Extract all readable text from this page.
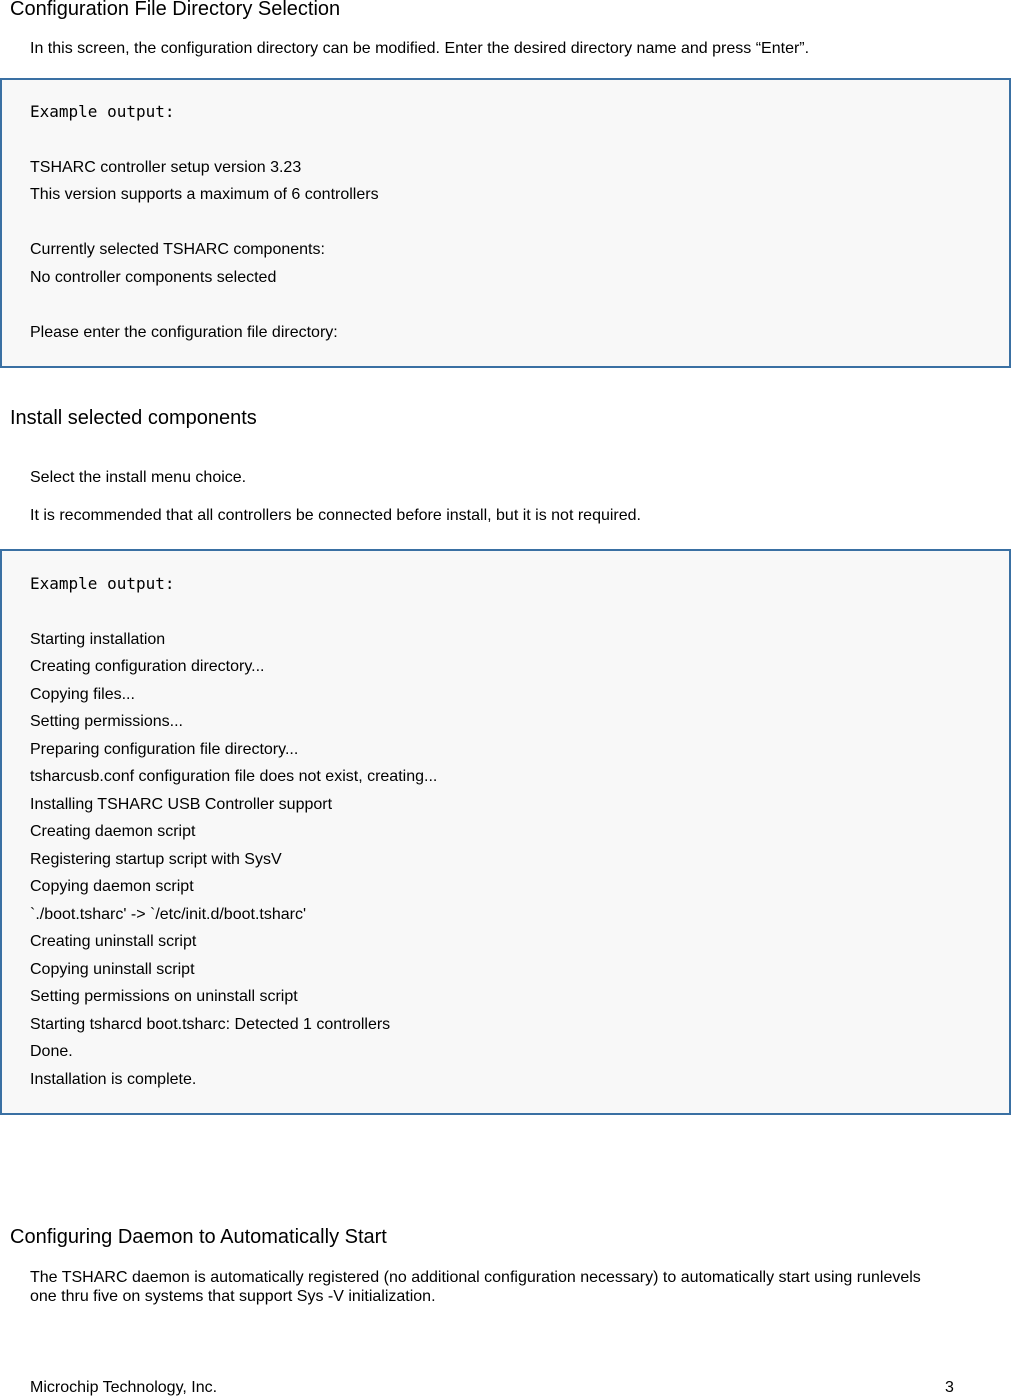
Configuration File Directory Selection

In this screen, the configuration directory can be modified. Enter the desired directory name and press “Enter”.

Example output:
TSHARC controller setup version 3.23
This version supports a maximum of 6 controllers
Currently selected TSHARC components:
No controller components selected
Please enter the configuration file directory:
Install selected components

Select the install menu choice.

It is recommended that all controllers be connected before install, but it is not required.

Example output:
Starting installation
Creating configuration directory...
Copying files...
Setting permissions...
Preparing configuration file directory...
tsharcusb.conf configuration file does not exist, creating...
Installing TSHARC USB Controller support
Creating daemon script
Registering startup script with SysV
Copying daemon script
`./boot.tsharc' -> `/etc/init.d/boot.tsharc'
Creating uninstall script
Copying uninstall script
Setting permissions on uninstall script
Starting tsharcd boot.tsharc: Detected 1 controllers
Done.
Installation is complete.
Configuring Daemon to Automatically Start

The TSHARC daemon is automatically registered (no additional configuration necessary) to automatically start using runlevels

one thru five on systems that support Sys -V initialization.

Microchip Technology, Inc.	3
